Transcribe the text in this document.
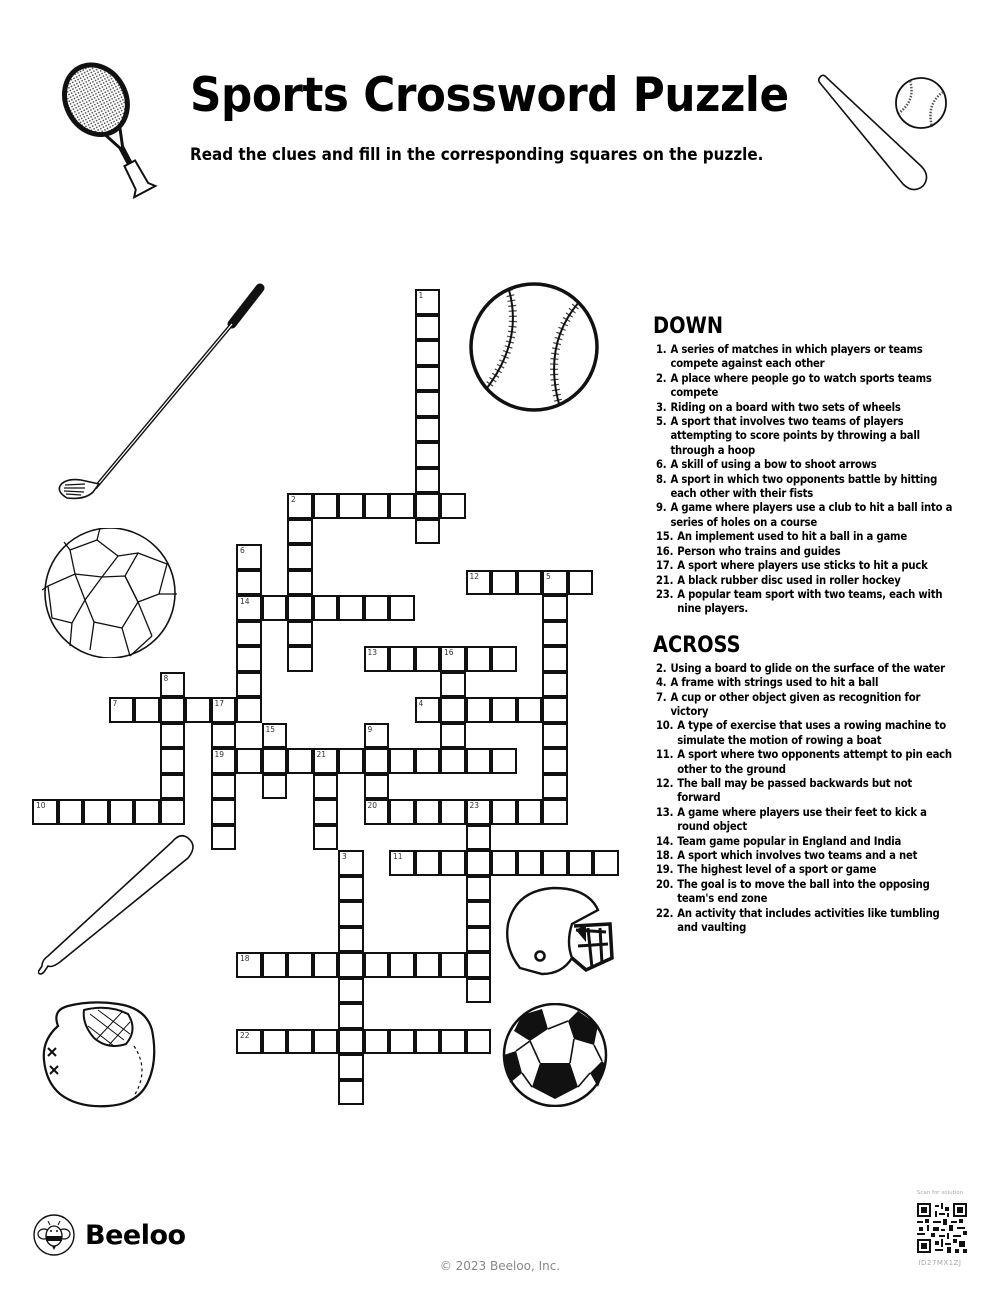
Sports Crossword Puzzle
Read the clues and fill in the corresponding squares on the puzzle.
1
2
3
4
5
6
14
7	17
8
9
20
10
11
12
13	16
15
19
18
21
23
22
DOWN
1. A series of matches in which players or teams compete against each other
2. A place where people go to watch sports teams compete
3. Riding on a board with two sets of wheels
5. A sport that involves two teams of players attempting to score points by throwing a ball through a hoop
6. A skill of using a bow to shoot arrows
8. A sport in which two opponents battle by hitting each other with their fists
9. A game where players use a club to hit a ball into a series of holes on a course
15. An implement used to hit a ball in a game
16. Person who trains and guides
17. A sport where players use sticks to hit a puck
21. A black rubber disc used in roller hockey
23. A popular team sport with two teams, each with nine players.
ACROSS
2. Using a board to glide on the surface of the water
4. A frame with strings used to hit a ball
7. A cup or other object given as recognition for victory
10. A type of exercise that uses a rowing machine to simulate the motion of rowing a boat
11. A sport where two opponents attempt to pin each other to the ground
12. The ball may be passed backwards but not forward
13. A game where players use their feet to kick a round object
14. Team game popular in England and India
18. A sport which involves two teams and a net
19. The highest level of a sport or game
20. The goal is to move the ball into the opposing team's end zone
22. An activity that includes activities like tumbling and vaulting
Beeloo
© 2023 Beeloo, Inc.
Scan for solution
ID27MX1ZJ
